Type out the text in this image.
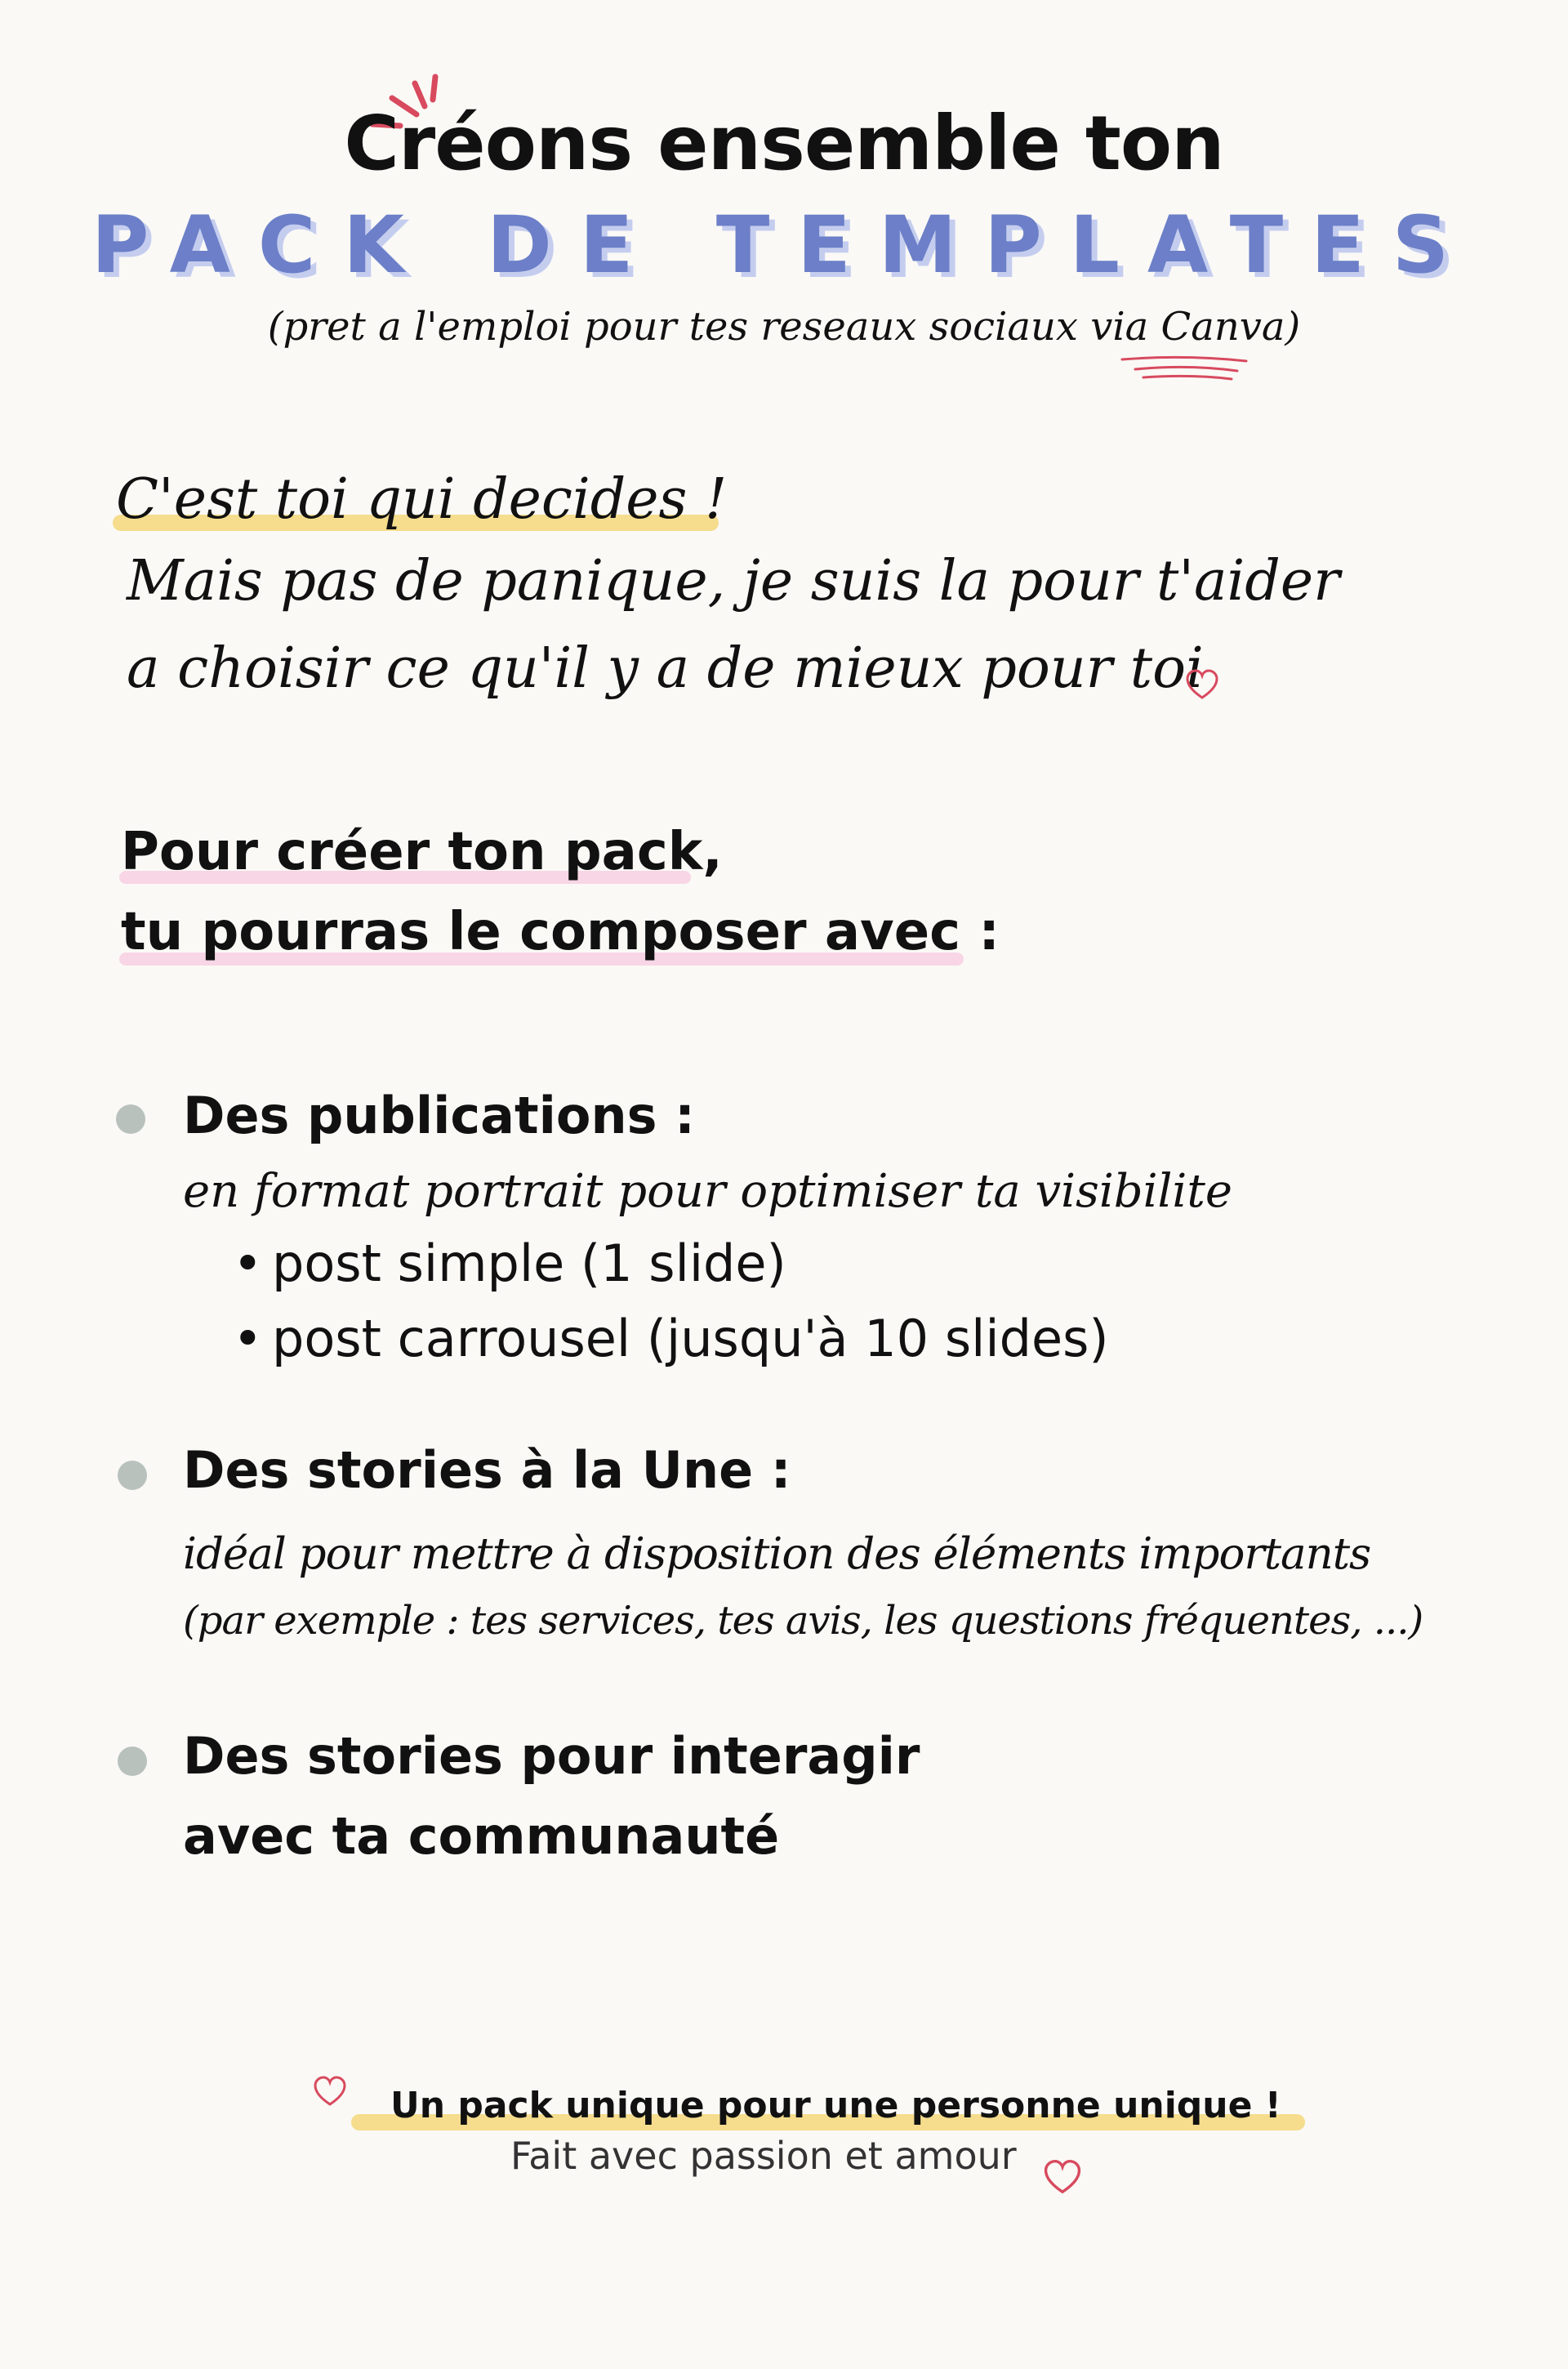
Créons ensemble ton
PACK DE TEMPLATES
(pret a l'emploi pour tes reseaux sociaux via Canva)
C'est toi qui decides !
Mais pas de panique, je suis la pour t'aider
a choisir ce qu'il y a de mieux pour toi
Pour créer ton pack,
tu pourras le composer avec :
Des publications :
en format portrait pour optimiser ta visibilite
• post simple (1 slide)
• post carrousel (jusqu'à 10 slides)
Des stories à la Une :
idéal pour mettre à disposition des éléments importants
(par exemple : tes services, tes avis, les questions fréquentes, ...)
Des stories pour interagir
avec ta communauté
Un pack unique pour une personne unique !
Fait avec passion et amour
